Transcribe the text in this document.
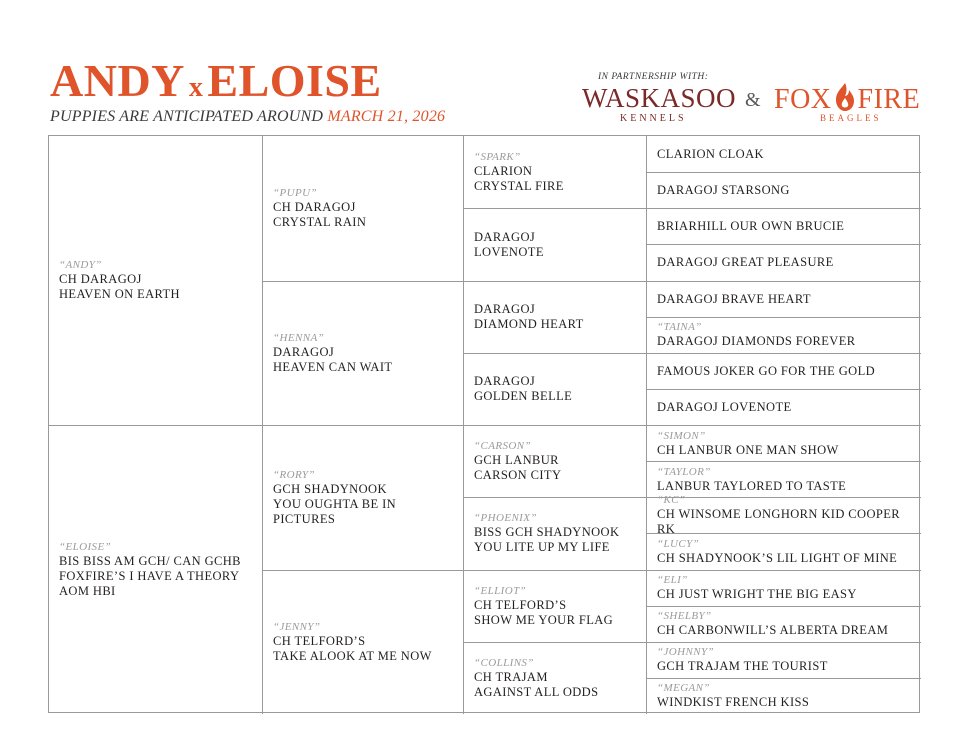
ANDY xELOISE
PUPPIES ARE ANTICIPATED AROUND MARCH 21, 2026
IN PARTNERSHIP WITH:
WASKASOO
KENNELS
& FOX FIRE
BEAGLES
“ANDY”
CH DARAGOJ
HEAVEN ON EARTH
“ELOISE”
BIS BISS AM GCH/ CAN GCHB
FOXFIRE’S I HAVE A THEORY
AOM HBI
“PUPU”
CH DARAGOJ
CRYSTAL RAIN
“HENNA”
DARAGOJ
HEAVEN CAN WAIT
“RORY”
GCH SHADYNOOK
YOU OUGHTA BE IN
PICTURES
“JENNY”
CH TELFORD’S
TAKE ALOOK AT ME NOW
“SPARK”
CLARION
CRYSTAL FIRE
DARAGOJ
LOVENOTE
DARAGOJ
DIAMOND HEART
DARAGOJ
GOLDEN BELLE
“CARSON”
GCH LANBUR
CARSON CITY
“PHOENIX”
BISS GCH SHADYNOOK
YOU LITE UP MY LIFE
“ELLIOT”
CH TELFORD’S
SHOW ME YOUR FLAG
“COLLINS”
CH TRAJAM
AGAINST ALL ODDS
CLARION CLOAK
DARAGOJ STARSONG
BRIARHILL OUR OWN BRUCIE
DARAGOJ GREAT PLEASURE
DARAGOJ BRAVE HEART
“TAINA”
DARAGOJ DIAMONDS FOREVER
FAMOUS JOKER GO FOR THE GOLD
DARAGOJ LOVENOTE
“SIMON”
CH LANBUR ONE MAN SHOW
“TAYLOR”
LANBUR TAYLORED TO TASTE
“KC”
CH WINSOME LONGHORN KID COOPER RK
“LUCY”
CH SHADYNOOK’S LIL LIGHT OF MINE
“ELI”
CH JUST WRIGHT THE BIG EASY
“SHELBY”
CH CARBONWILL’S ALBERTA DREAM
“JOHNNY”
GCH TRAJAM THE TOURIST
“MEGAN”
WINDKIST FRENCH KISS
